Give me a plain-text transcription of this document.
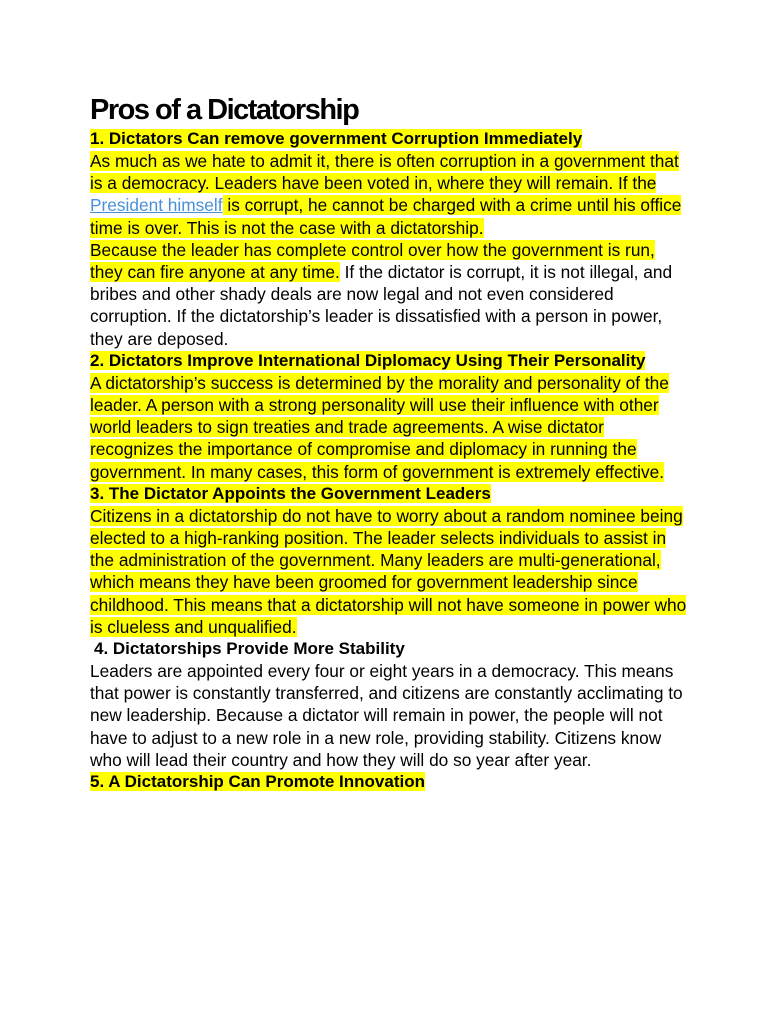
Pros of a Dictatorship

1. Dictators Can remove government Corruption Immediately

As much as we hate to admit it, there is often corruption in a government that is a democracy. Leaders have been voted in, where they will remain. If the President himself is corrupt, he cannot be charged with a crime until his office time is over. This is not the case with a dictatorship.

Because the leader has complete control over how the government is run, they can fire anyone at any time. If the dictator is corrupt, it is not illegal, and bribes and other shady deals are now legal and not even considered corruption. If the dictatorship’s leader is dissatisfied with a person in power, they are deposed.

2. Dictators Improve International Diplomacy Using Their Personality

A dictatorship’s success is determined by the morality and personality of the leader. A person with a strong personality will use their influence with other world leaders to sign treaties and trade agreements. A wise dictator recognizes the importance of compromise and diplomacy in running the government. In many cases, this form of government is extremely effective.

3. The Dictator Appoints the Government Leaders

Citizens in a dictatorship do not have to worry about a random nominee being elected to a high-ranking position. The leader selects individuals to assist in the administration of the government. Many leaders are multi-generational, which means they have been groomed for government leadership since childhood. This means that a dictatorship will not have someone in power who is clueless and unqualified.

4. Dictatorships Provide More Stability

Leaders are appointed every four or eight years in a democracy. This means that power is constantly transferred, and citizens are constantly acclimating to new leadership. Because a dictator will remain in power, the people will not have to adjust to a new role in a new role, providing stability. Citizens know who will lead their country and how they will do so year after year.

5. A Dictatorship Can Promote Innovation
